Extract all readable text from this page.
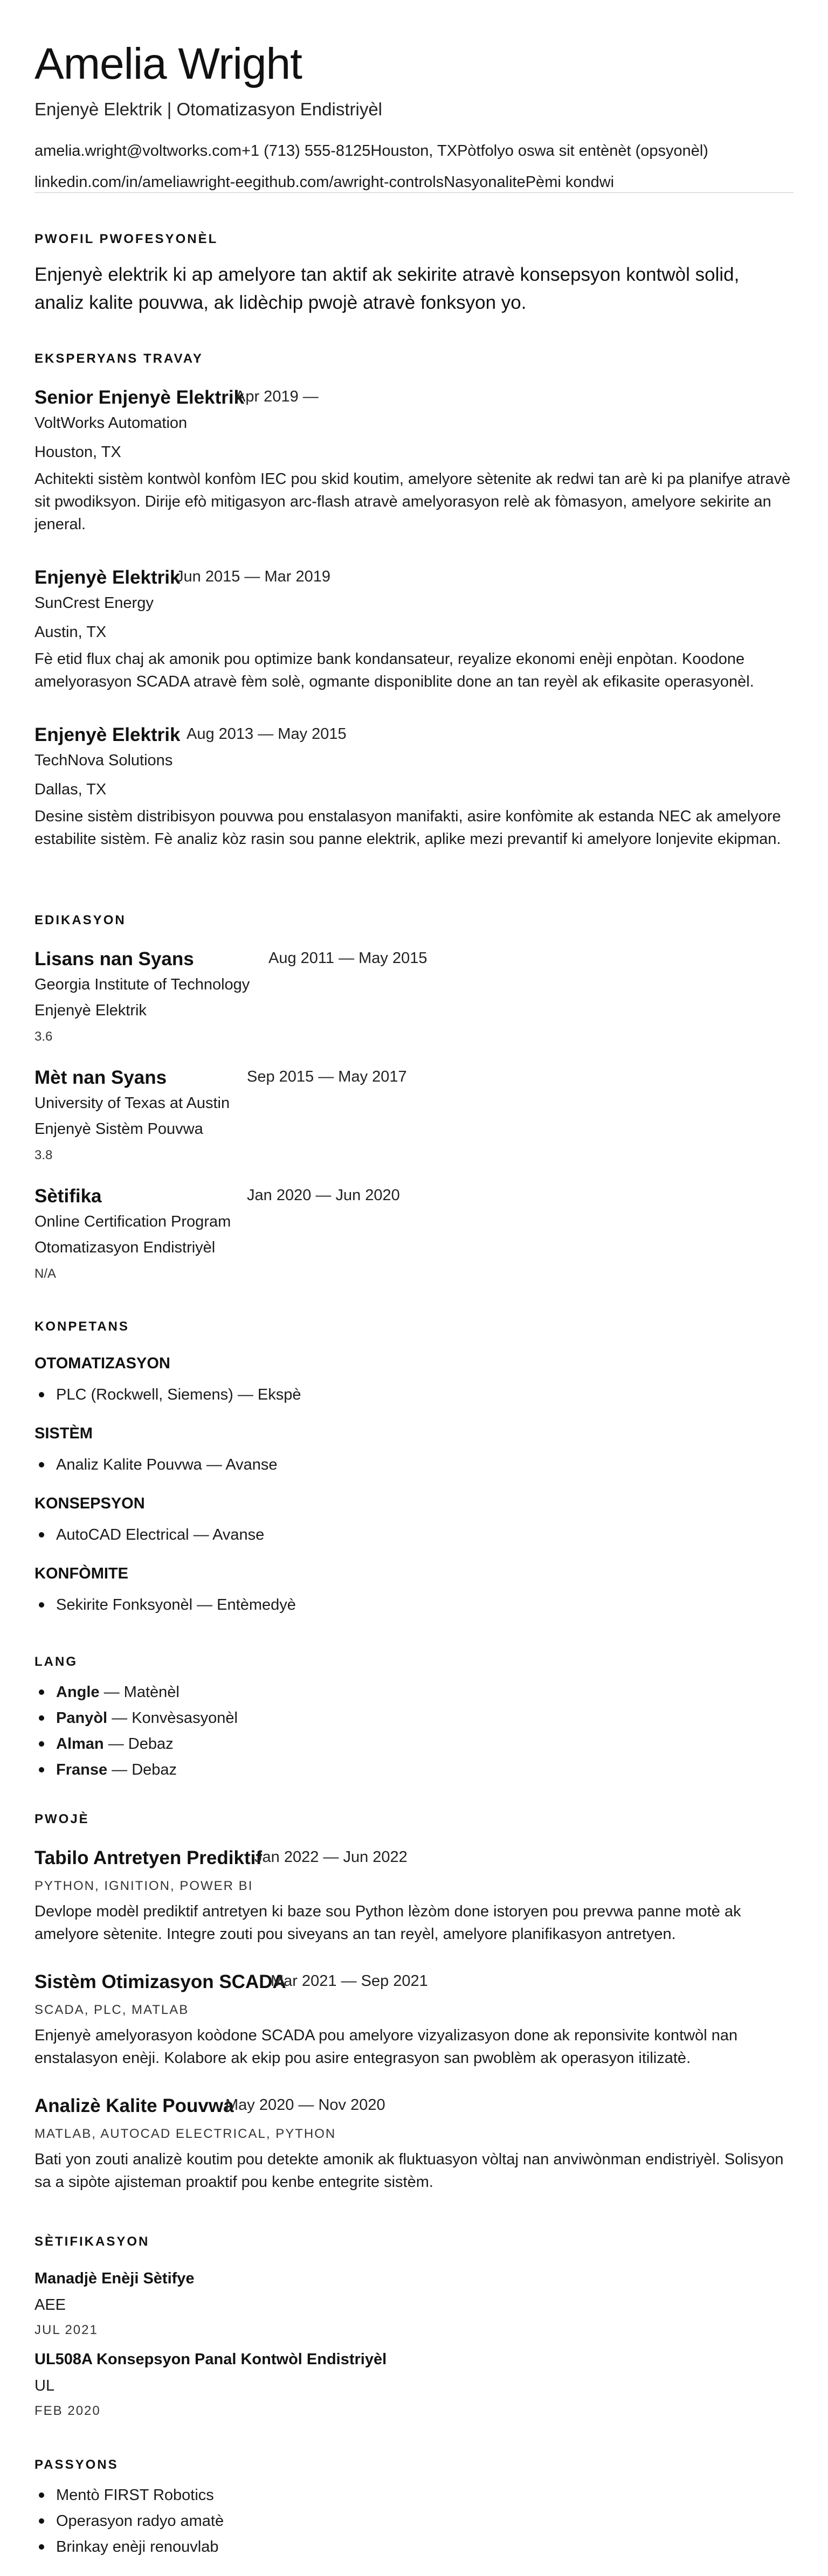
Amelia Wright
Enjenyè Elektrik | Otomatizasyon Endistriyèl
amelia.wright@voltworks.com+1 (713) 555-8125Houston, TXPòtfolyo oswa sit entènèt (opsyonèl)
linkedin.com/in/ameliawright-eegithub.com/awright-controlsNasyonalitePèmi kondwi
PWOFIL PWOFESYONÈL
Enjenyè elektrik ki ap amelyore tan aktif ak sekirite atravè konsepsyon kontwòl solid, analiz kalite pouvwa, ak lidèchip pwojè atravè fonksyon yo.
EKSPERYANS TRAVAY
Senior Enjenyè Elektrik
Apr 2019 —
VoltWorks Automation
Houston, TX
Achitekti sistèm kontwòl konfòm IEC pou skid koutim, amelyore sètenite ak redwi tan arè ki pa planifye atravè sit pwodiksyon. Dirije efò mitigasyon arc-flash atravè amelyorasyon relè ak fòmasyon, amelyore sekirite an jeneral.
Enjenyè Elektrik
Jun 2015 — Mar 2019
SunCrest Energy
Austin, TX
Fè etid flux chaj ak amonik pou optimize bank kondansateur, reyalize ekonomi enèji enpòtan. Koodone amelyorasyon SCADA atravè fèm solè, ogmante disponiblite done an tan reyèl ak efikasite operasyonèl.
Enjenyè Elektrik Aug 2013 — May 2015
TechNova Solutions
Dallas, TX
Desine sistèm distribisyon pouvwa pou enstalasyon manifakti, asire konfòmite ak estanda NEC ak amelyore estabilite sistèm. Fè analiz kòz rasin sou panne elektrik, aplike mezi prevantif ki amelyore lonjevite ekipman.
EDIKASYON
Lisans nan Syans	Aug 2011 — May 2015
Georgia Institute of Technology
Enjenyè Elektrik
3.6
Mèt nan Syans	Sep 2015 — May 2017
University of Texas at Austin
Enjenyè Sistèm Pouvwa
3.8
Sètifika	Jan 2020 — Jun 2020
Online Certification Program
Otomatizasyon Endistriyèl
N/A
KONPETANS
OTOMATIZASYON
PLC (Rockwell, Siemens) — Ekspè
SISTÈM
Analiz Kalite Pouvwa — Avanse
KONSEPSYON
AutoCAD Electrical — Avanse
KONFÒMITE
Sekirite Fonksyonèl — Entèmedyè
LANG
Angle — Matènèl
Panyòl — Konvèsasyonèl
Alman — Debaz
Franse — Debaz
PWOJÈ
Tabilo Antretyen Prediktif
Jan 2022 — Jun 2022
PYTHON, IGNITION, POWER BI
Devlope modèl prediktif antretyen ki baze sou Python lèzòm done istoryen pou prevwa panne motè ak amelyore sètenite. Integre zouti pou siveyans an tan reyèl, amelyore planifikasyon antretyen.
Sistèm Otimizasyon SCADA
Mar 2021 — Sep 2021
SCADA, PLC, MATLAB
Enjenyè amelyorasyon koòdone SCADA pou amelyore vizyalizasyon done ak reponsivite kontwòl nan enstalasyon enèji. Kolabore ak ekip pou asire entegrasyon san pwoblèm ak operasyon itilizatè.
Analizè Kalite Pouvwa
May 2020 — Nov 2020
MATLAB, AUTOCAD ELECTRICAL, PYTHON
Bati yon zouti analizè koutim pou detekte amonik ak fluktuasyon vòltaj nan anviwònman endistriyèl. Solisyon sa a sipòte ajisteman proaktif pou kenbe entegrite sistèm.
SÈTIFIKASYON
Manadjè Enèji Sètifye
AEE
JUL 2021
UL508A Konsepsyon Panal Kontwòl Endistriyèl
UL
FEB 2020
PASSYONS
Mentò FIRST Robotics
Operasyon radyo amatè
Brinkay enèji renouvlab
